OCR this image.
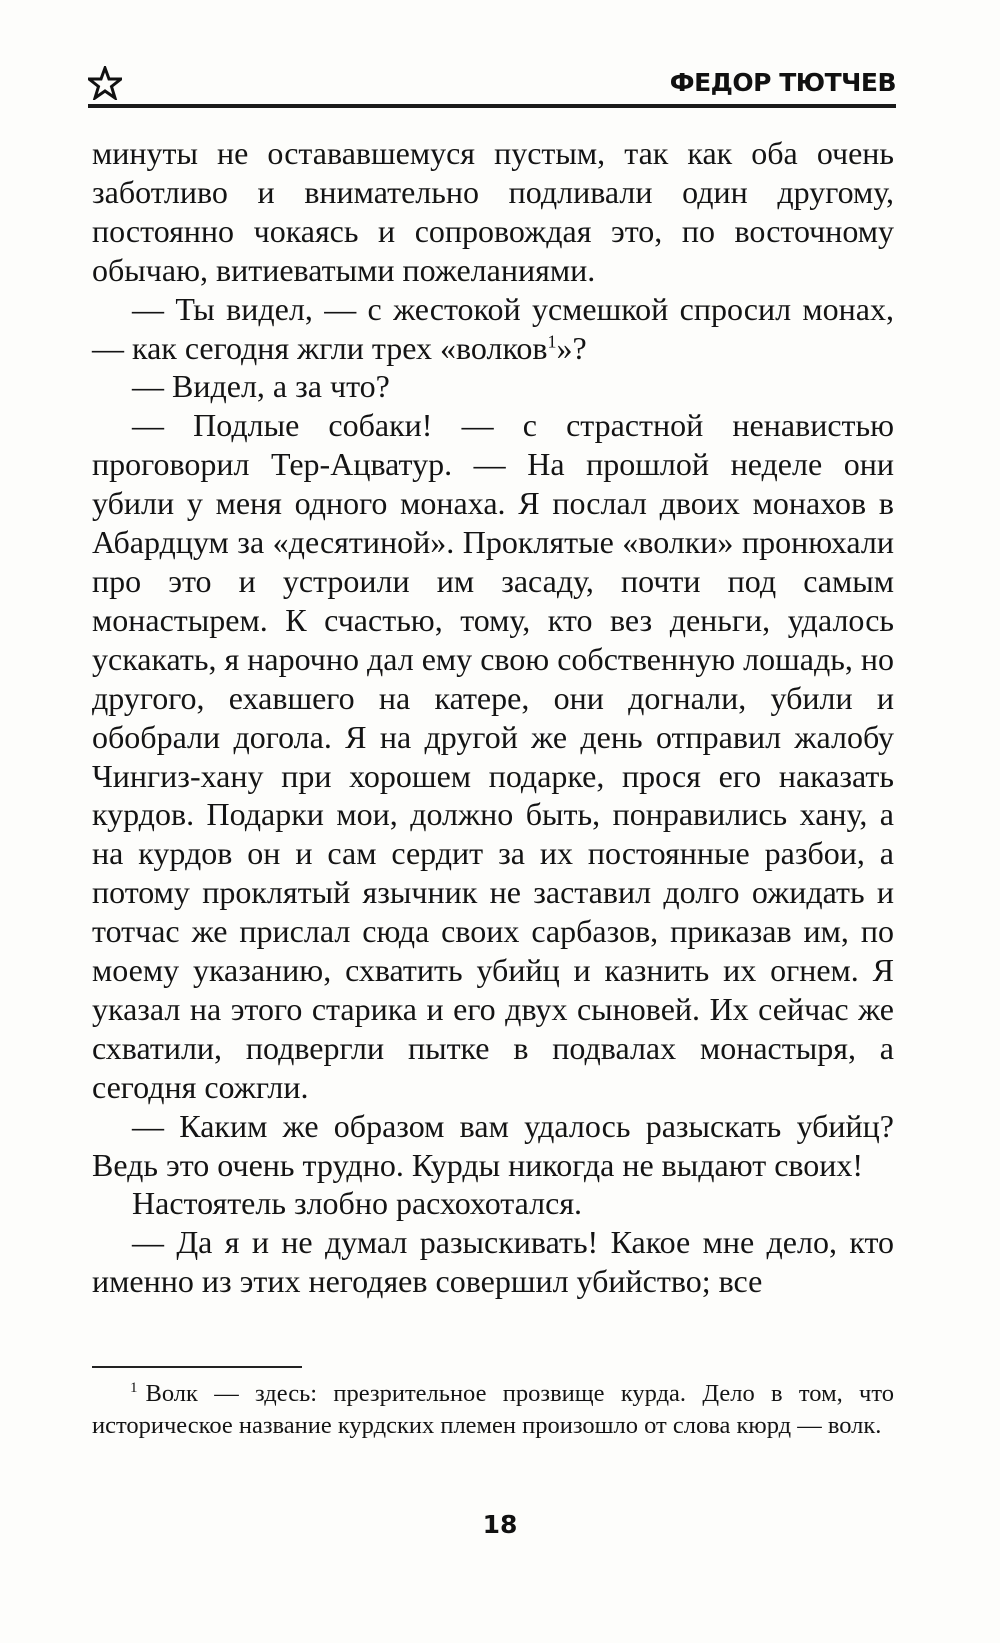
ФЕДОР ТЮТЧЕВ

минуты не остававшемуся пустым, так как оба очень заботливо и внимательно подливали один другому, постоянно чокаясь и сопровождая это, по восточному обычаю, витиеватыми пожеланиями.

— Ты видел, — с жестокой усмешкой спросил монах, — как сегодня жгли трех «волков$^1$»?

— Видел, а за что?

— Подлые собаки! — с страстной ненавистью проговорил Тер-Ацватур. — На прошлой неделе они убили у меня одного монаха. Я послал двоих монахов в Абардцум за «десятиной». Проклятые «волки» пронюхали про это и устроили им засаду, почти под самым монастырем. К счастью, тому, кто вез деньги, удалось ускакать, я нарочно дал ему свою собственную лошадь, но другого, ехавшего на катере, они догнали, убили и обобрали догола. Я на другой же день отправил жалобу Чингиз-хану при хорошем подарке, прося его наказать курдов. Подарки мои, должно быть, понравились хану, а на курдов он и сам сердит за их постоянные разбои, а потому проклятый язычник не заставил долго ожидать и тотчас же прислал сюда своих сарбазов, приказав им, по моему указанию, схватить убийц и казнить их огнем. Я указал на этого старика и его двух сыновей. Их сейчас же схватили, подвергли пытке в подвалах монастыря, а сегодня сожгли.

— Каким же образом вам удалось разыскать убийц? Ведь это очень трудно. Курды никогда не выдают своих!

Настоятель злобно расхохотался.

— Да я и не думал разыскивать! Какое мне дело, кто именно из этих негодяев совершил убийство; все

$^1$ Волк — здесь: презрительное прозвище курда. Дело в том, что историческое название курдских племен произошло от слова кюрд — волк.

18
